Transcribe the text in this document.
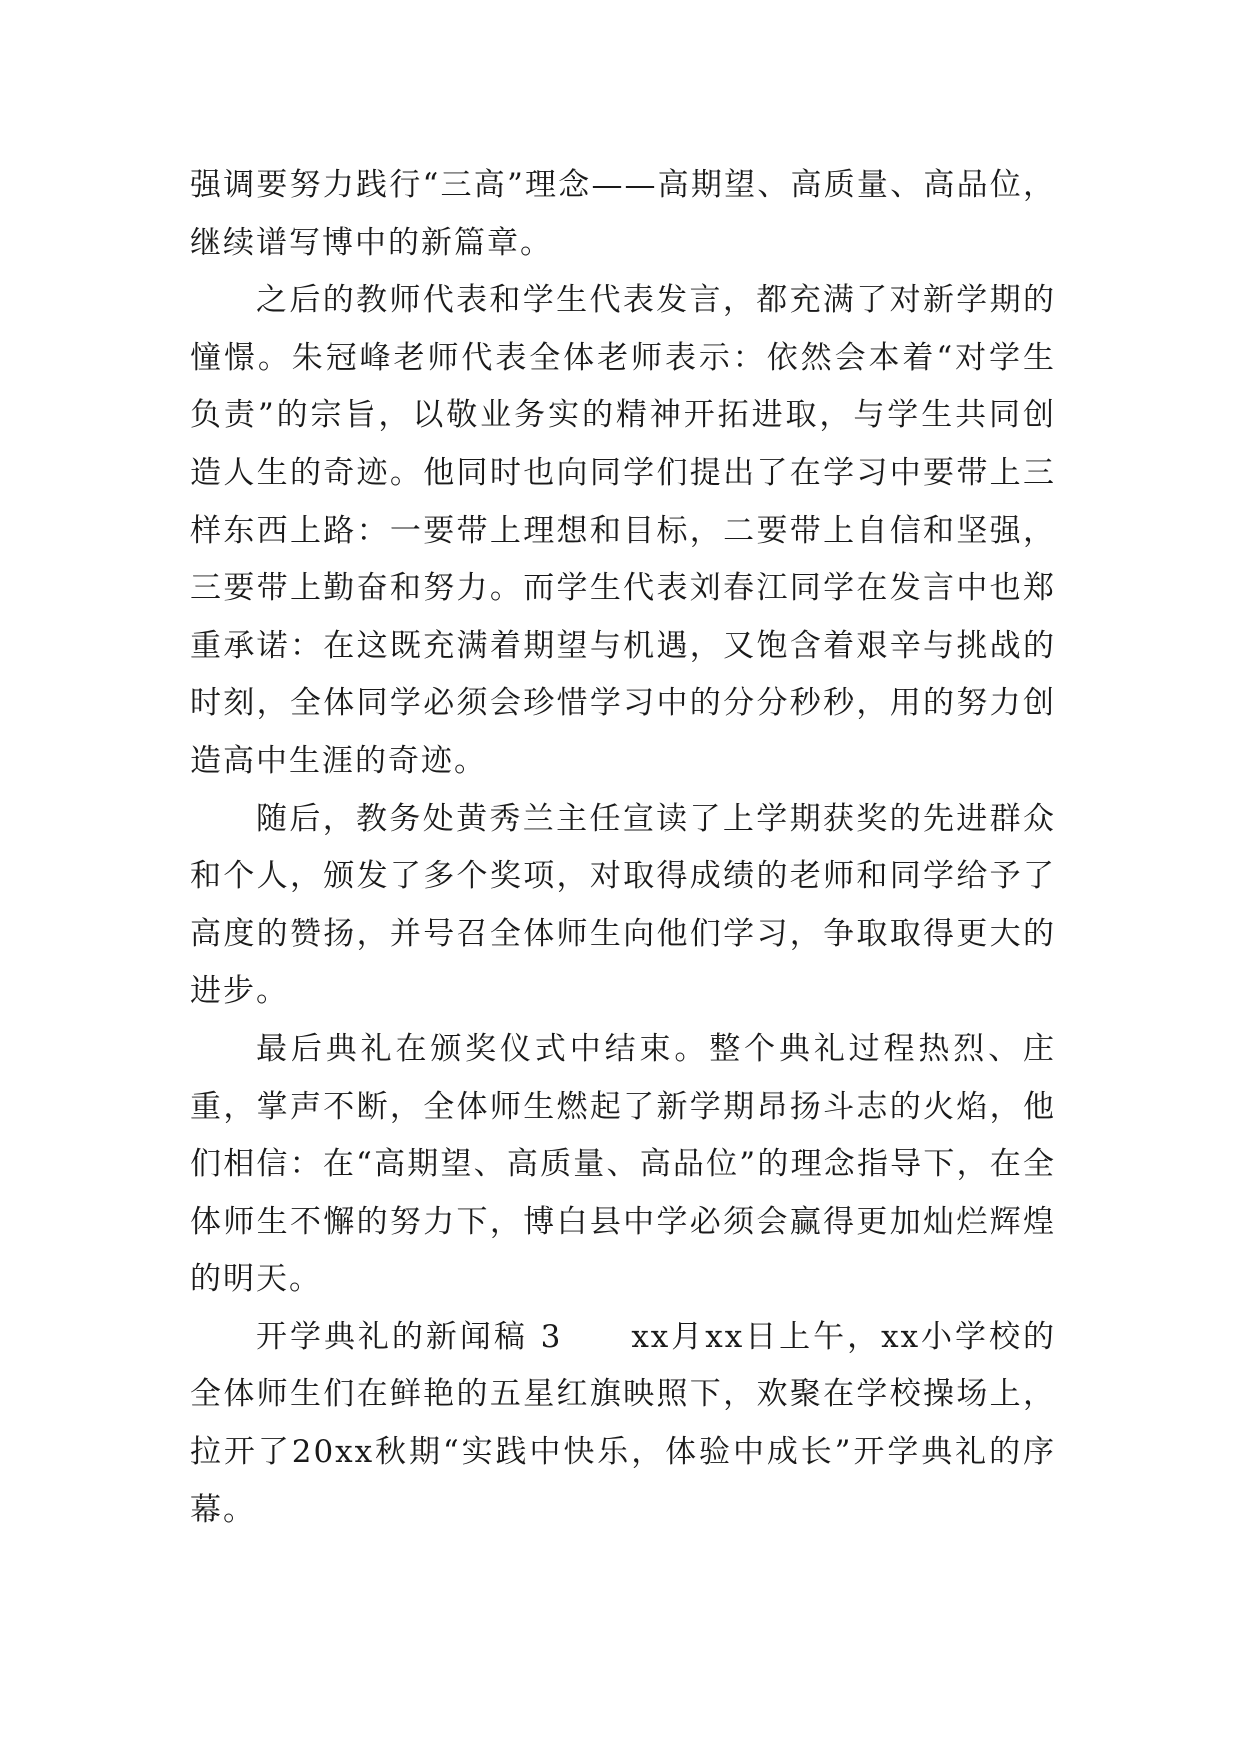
强调要努力践行“三高”理念——高期望、高质量、高品位，继续谱写博中的新篇章。

之后的教师代表和学生代表发言，都充满了对新学期的憧憬。朱冠峰老师代表全体老师表示：依然会本着“对学生负责”的宗旨，以敬业务实的精神开拓进取，与学生共同创造人生的奇迹。他同时也向同学们提出了在学习中要带上三样东西上路：一要带上理想和目标，二要带上自信和坚强，三要带上勤奋和努力。而学生代表刘春江同学在发言中也郑重承诺：在这既充满着期望与机遇，又饱含着艰辛与挑战的时刻，全体同学必须会珍惜学习中的分分秒秒，用的努力创造高中生涯的奇迹。

随后，教务处黄秀兰主任宣读了上学期获奖的先进群众和个人，颁发了多个奖项，对取得成绩的老师和同学给予了高度的赞扬，并号召全体师生向他们学习，争取取得更大的进步。

最后典礼在颁奖仪式中结束。整个典礼过程热烈、庄重，掌声不断，全体师生燃起了新学期昂扬斗志的火焰，他们相信：在“高期望、高质量、高品位”的理念指导下，在全体师生不懈的努力下，博白县中学必须会赢得更加灿烂辉煌的明天。

开学典礼的新闻稿 3　　xx月xx日上午，xx小学校的全体师生们在鲜艳的五星红旗映照下，欢聚在学校操场上，拉开了20xx秋期“实践中快乐，体验中成长”开学典礼的序幕。
